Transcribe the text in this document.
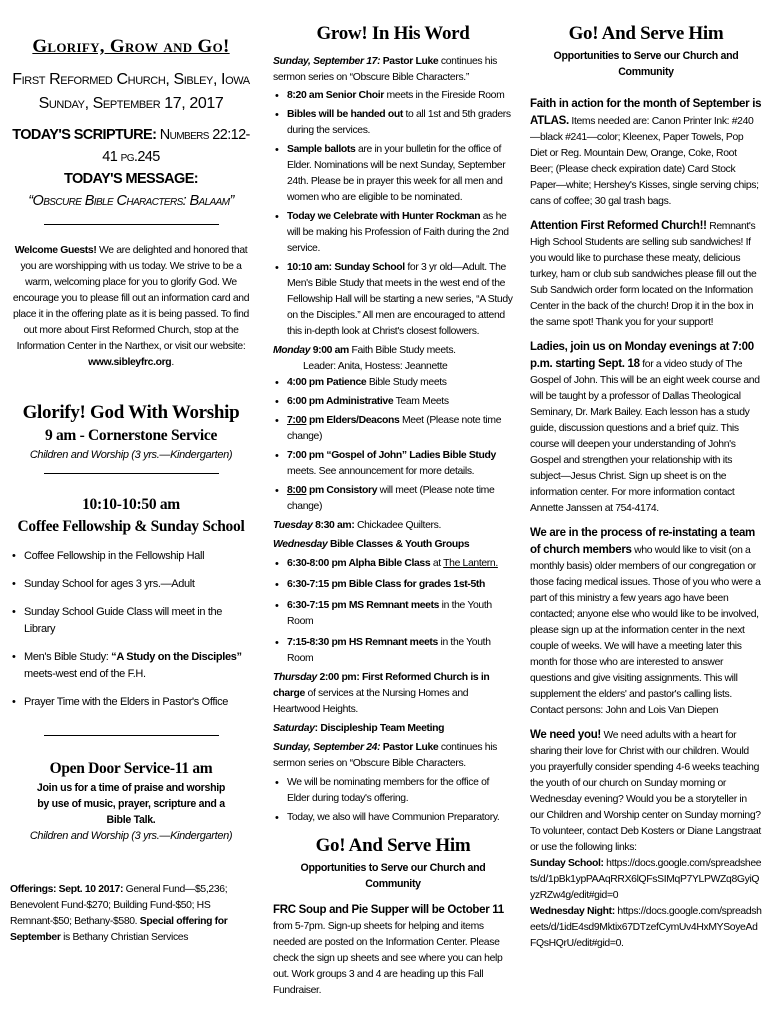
Glorify, Grow and Go!
First Reformed Church, Sibley, Iowa
Sunday, September 17, 2017
TODAY'S SCRIPTURE: Numbers 22:12-41 pg.245
TODAY'S MESSAGE:
“Obscure Bible Characters: Balaam”
Welcome Guests! We are delighted and honored that you are worshipping with us today. We strive to be a warm, welcoming place for you to glorify God. We encourage you to please fill out an information card and place it in the offering plate as it is being passed. To find out more about First Reformed Church, stop at the Information Center in the Narthex, or visit our website: www.sibleyfrc.org.
Glorify! God With Worship
9 am - Cornerstone Service
Children and Worship (3 yrs.—Kindergarten)
10:10-10:50 am
Coffee Fellowship & Sunday School
• Coffee Fellowship in the Fellowship Hall
• Sunday School for ages 3 yrs.—Adult
• Sunday School Guide Class will meet in the Library
• Men's Bible Study: “A Study on the Disciples” meets-west end of the F.H.
• Prayer Time with the Elders in Pastor's Office
Open Door Service-11 am
Join us for a time of praise and worship by use of music, prayer, scripture and a Bible Talk.
Children and Worship (3 yrs.—Kindergarten)
Offerings: Sept. 10 2017: General Fund—$5,236; Benevolent Fund-$270; Building Fund-$50; HS Remnant-$50; Bethany-$580. Special offering for September is Bethany Christian Services
Grow! In His Word
Sunday, September 17: Pastor Luke continues his sermon series on “Obscure Bible Characters.”
• 8:20 am Senior Choir meets in the Fireside Room
• Bibles will be handed out to all 1st and 5th graders during the services.
• Sample ballots are in your bulletin for the office of Elder. Nominations will be next Sunday, September 24th. Please be in prayer this week for all men and women who are eligible to be nominated.
• Today we Celebrate with Hunter Rockman as he will be making his Profession of Faith during the 2nd service.
• 10:10 am: Sunday School for 3 yr old—Adult. The Men's Bible Study that meets in the west end of the Fellowship Hall will be starting a new series, “A Study on the Disciples.” All men are encouraged to attend this in-depth look at Christ's closest followers.
Monday 9:00 am Faith Bible Study meets.
Leader: Anita, Hostess: Jeannette
• 4:00 pm Patience Bible Study meets
• 6:00 pm Administrative Team Meets
• 7:00 pm Elders/Deacons Meet (Please note time change)
• 7:00 pm “Gospel of John” Ladies Bible Study meets. See announcement for more details.
• 8:00 pm Consistory will meet (Please note time change)
Tuesday 8:30 am: Chickadee Quilters.
Wednesday Bible Classes & Youth Groups
• 6:30-8:00 pm Alpha Bible Class at The Lantern.
• 6:30-7:15 pm Bible Class for grades 1st-5th
• 6:30-7:15 pm MS Remnant meets in the Youth Room
• 7:15-8:30 pm HS Remnant meets in the Youth Room
Thursday 2:00 pm: First Reformed Church is in charge of services at the Nursing Homes and Heartwood Heights.
Saturday: Discipleship Team Meeting
Sunday, September 24: Pastor Luke continues his sermon series on “Obscure Bible Characters.
• We will be nominating members for the office of Elder during today's offering.
• Today, we also will have Communion Preparatory.
Go! And Serve Him
Opportunities to Serve our Church and Community
FRC Soup and Pie Supper will be October 11 from 5-7pm. Sign-up sheets for helping and items needed are posted on the Information Center. Please check the sign up sheets and see where you can help out. Work groups 3 and 4 are heading up this Fall Fundraiser.
Go! And Serve Him
Opportunities to Serve our Church and Community
Faith in action for the month of September is ATLAS. Items needed are: Canon Printer Ink: #240—black #241—color; Kleenex, Paper Towels, Pop Diet or Reg. Mountain Dew, Orange, Coke, Root Beer; (Please check expiration date) Card Stock Paper—white; Hershey's Kisses, single serving chips; cans of coffee; 30 gal trash bags.
Attention First Reformed Church!! Remnant's High School Students are selling sub sandwiches! If you would like to purchase these meaty, delicious turkey, ham or club sub sandwiches please fill out the Sub Sandwich order form located on the Information Center in the back of the church! Drop it in the box in the same spot! Thank you for your support!
Ladies, join us on Monday evenings at 7:00 p.m. starting Sept. 18 for a video study of The Gospel of John. This will be an eight week course and will be taught by a professor of Dallas Theological Seminary, Dr. Mark Bailey. Each lesson has a study guide, discussion questions and a brief quiz. This course will deepen your understanding of John's Gospel and strengthen your relationship with its subject—Jesus Christ. Sign up sheet is on the information center. For more information contact Annette Janssen at 754-4174.
We are in the process of re-instating a team of church members who would like to visit (on a monthly basis) older members of our congregation or those facing medical issues. Those of you who were a part of this ministry a few years ago have been contacted; anyone else who would like to be involved, please sign up at the information center in the next couple of weeks. We will have a meeting later this month for those who are interested to answer questions and give visiting assignments. This will supplement the elders' and pastor's calling lists. Contact persons: John and Lois Van Diepen
We need you! We need adults with a heart for sharing their love for Christ with our children. Would you prayerfully consider spending 4-6 weeks teaching the youth of our church on Sunday morning or Wednesday evening? Would you be a storyteller in our Children and Worship center on Sunday morning? To volunteer, contact Deb Kosters or Diane Langstraat or use the following links:
Sunday School: https://docs.google.com/spreadsheets/d/1pBk1ypPAAqRRX6lQFsSIMqP7YLPWZq8GyiQyzRZw4g/edit#gid=0
Wednesday Night: https://docs.google.com/spreadsheets/d/1idE4sd9Mktix67DTzefCymUv4HxMYSoyeAdFQsHQrU/edit#gid=0.
